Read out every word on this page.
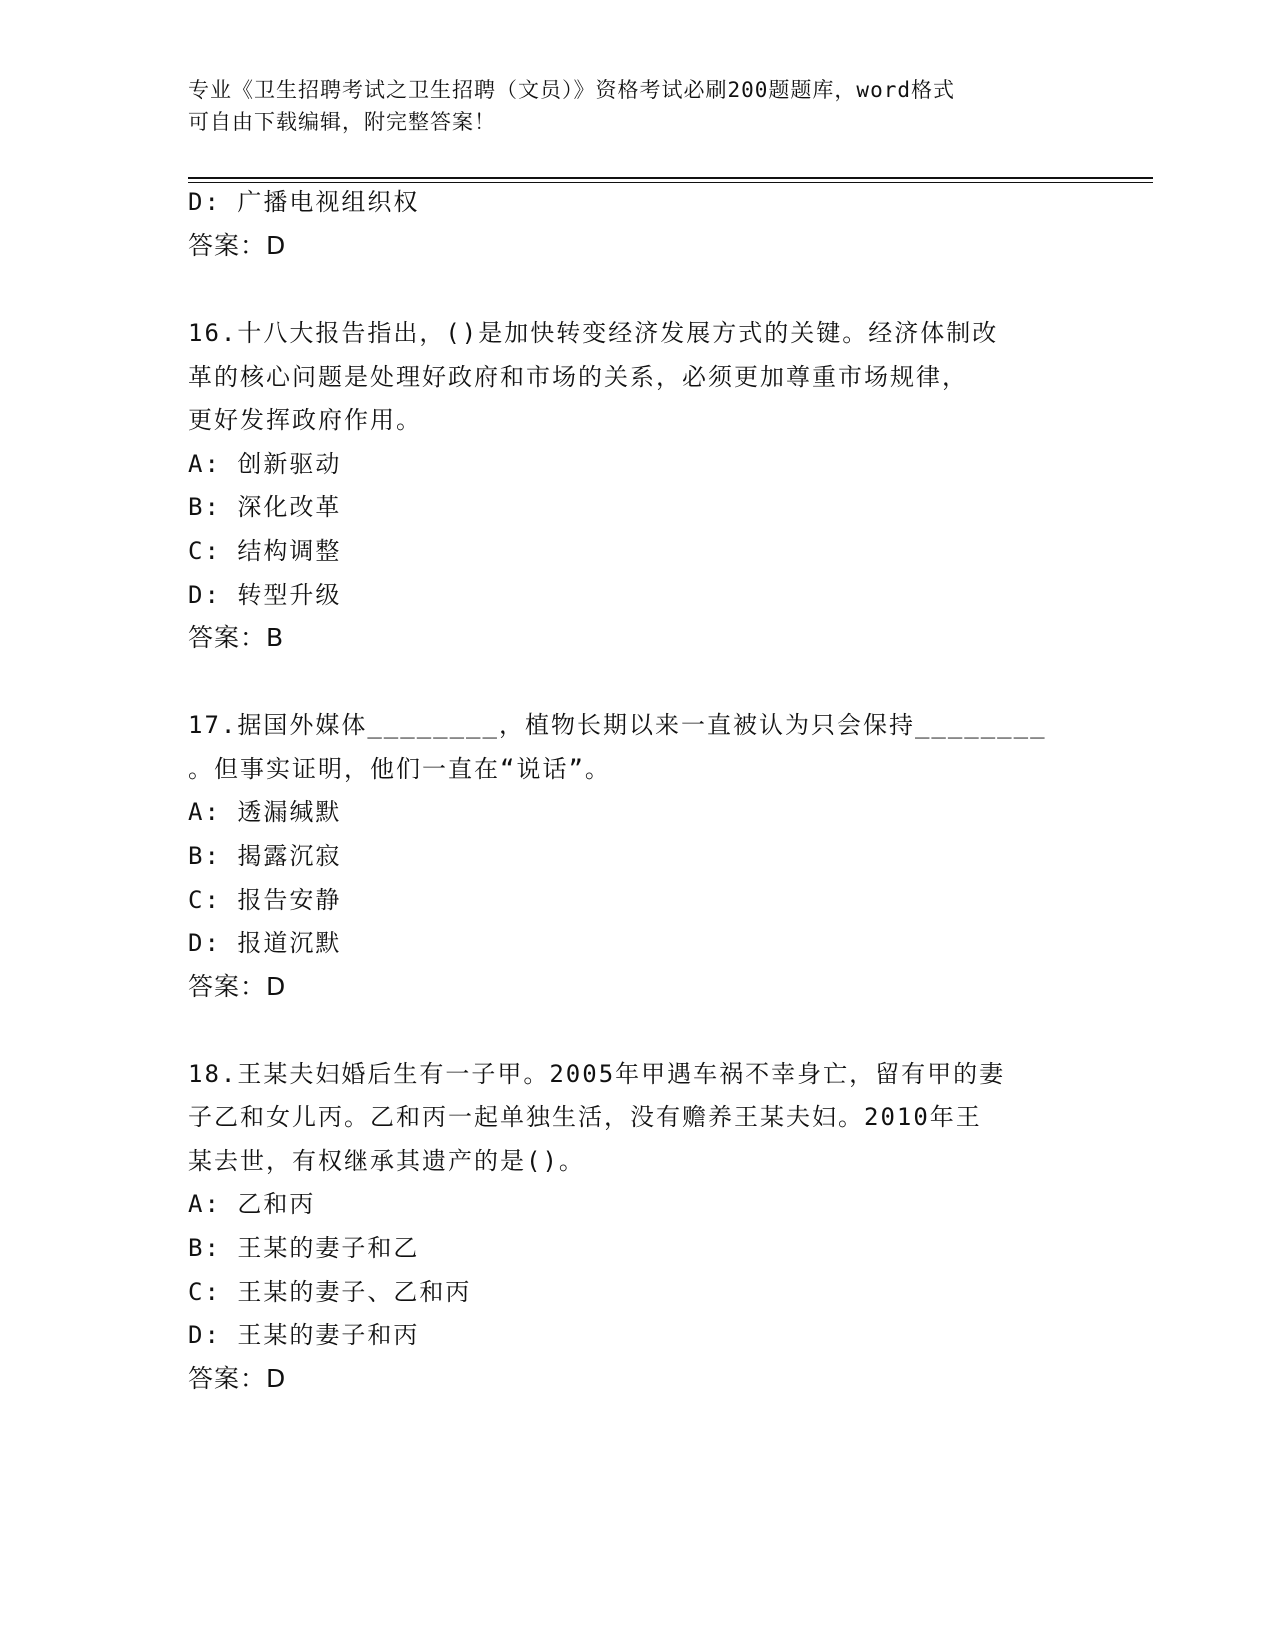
专业《卫生招聘考试之卫生招聘（文员）》资格考试必刷200题题库，word格式
可自由下载编辑，附完整答案！
D: 广播电视组织权
答案：D
16.十八大报告指出，()是加快转变经济发展方式的关键。经济体制改
革的核心问题是处理好政府和市场的关系，必须更加尊重市场规律，
更好发挥政府作用。
A: 创新驱动
B: 深化改革
C: 结构调整
D: 转型升级
答案：B
17.据国外媒体________，植物长期以来一直被认为只会保持________
。但事实证明，他们一直在“说话”。
A: 透漏缄默
B: 揭露沉寂
C: 报告安静
D: 报道沉默
答案：D
18.王某夫妇婚后生有一子甲。2005年甲遇车祸不幸身亡，留有甲的妻
子乙和女儿丙。乙和丙一起单独生活，没有赡养王某夫妇。2010年王
某去世，有权继承其遗产的是()。
A: 乙和丙
B: 王某的妻子和乙
C: 王某的妻子、乙和丙
D: 王某的妻子和丙
答案：D
